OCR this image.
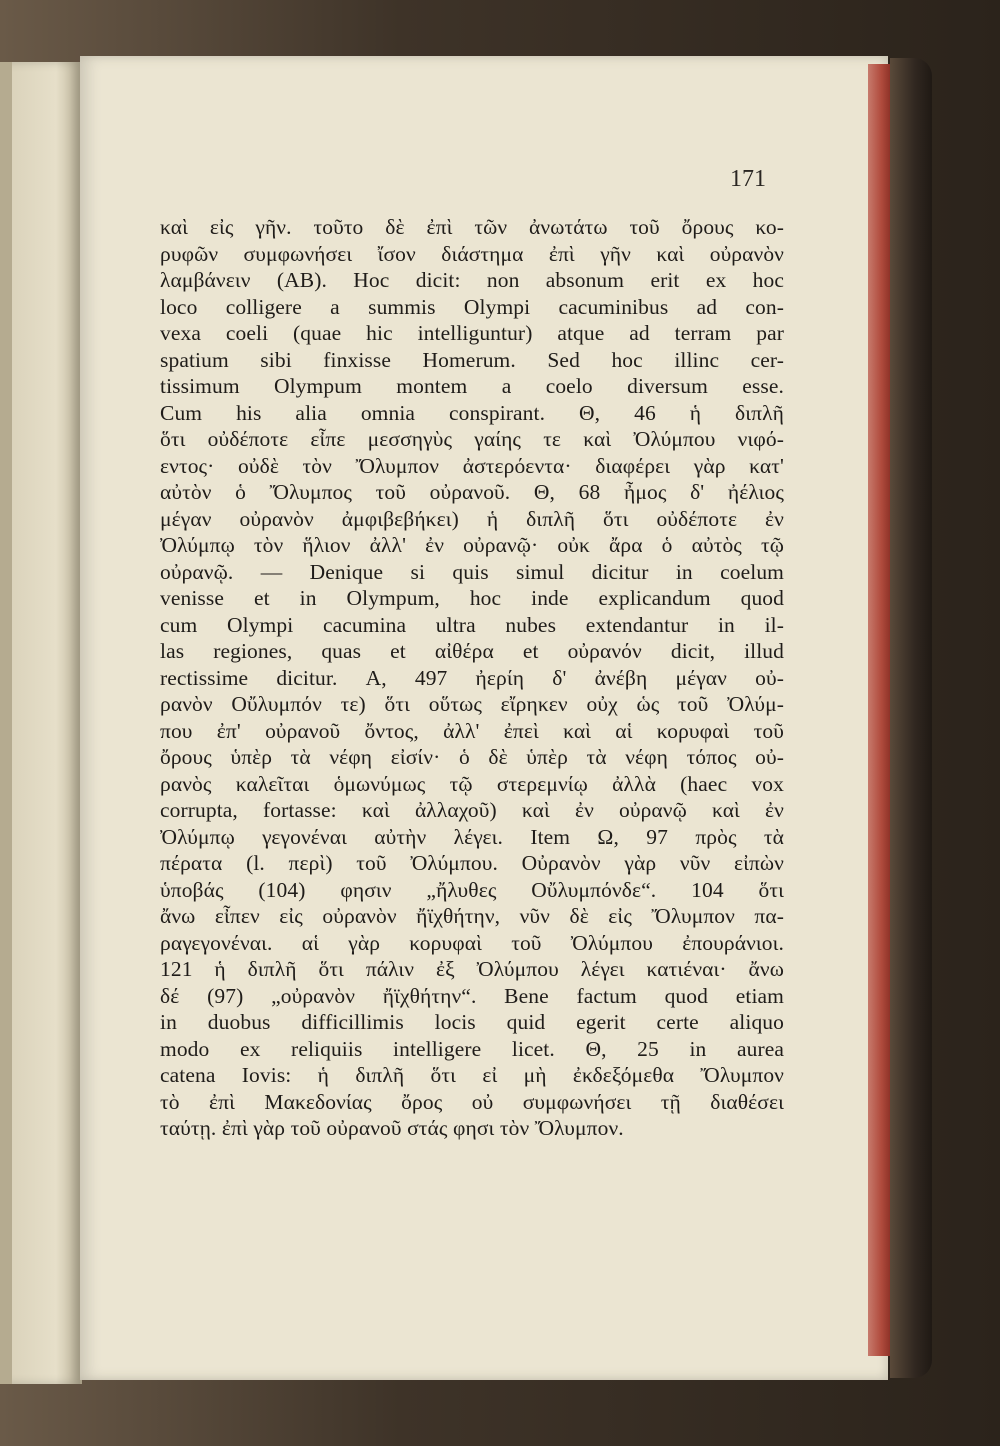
171
καὶ εἰς γῆν. τοῦτο δὲ ἐπὶ τῶν ἀνωτάτω τοῦ ὄρους κο-
ρυφῶν συμφωνήσει ἴσον διάστημα ἐπὶ γῆν καὶ οὐρανὸν
λαμβάνειν (AB). Hoc dicit: non absonum erit ex hoc
loco colligere a summis Olympi cacuminibus ad con-
vexa coeli (quae hic intelliguntur) atque ad terram par
spatium sibi finxisse Homerum. Sed hoc illinc cer-
tissimum Olympum montem a coelo diversum esse.
Cum his alia omnia conspirant. Θ, 46 ἡ διπλῆ
ὅτι οὐδέποτε εἶπε μεσσηγὺς γαίης τε καὶ Ὀλύμπου νιφό-
εντος· οὐδὲ τὸν Ὄλυμπον ἀστερόεντα· διαφέρει γὰρ κατ'
αὐτὸν ὁ Ὄλυμπος τοῦ οὐρανοῦ. Θ, 68 ἦμος δ' ἠέλιος
μέγαν οὐρανὸν ἀμφιβεβήκει) ἡ διπλῆ ὅτι οὐδέποτε ἐν
Ὀλύμπῳ τὸν ἥλιον ἀλλ' ἐν οὐρανῷ· οὐκ ἄρα ὁ αὐτὸς τῷ
οὐρανῷ. — Denique si quis simul dicitur in coelum
venisse et in Olympum, hoc inde explicandum quod
cum Olympi cacumina ultra nubes extendantur in il-
las regiones, quas et αἰθέρα et οὐρανόν dicit, illud
rectissime dicitur. Α, 497 ἠερίη δ' ἀνέβη μέγαν οὐ-
ρανὸν Οὔλυμπόν τε) ὅτι οὕτως εἴρηκεν οὐχ ὡς τοῦ Ὀλύμ-
που ἐπ' οὐρανοῦ ὄντος, ἀλλ' ἐπεὶ καὶ αἱ κορυφαὶ τοῦ
ὄρους ὑπὲρ τὰ νέφη εἰσίν· ὁ δὲ ὑπὲρ τὰ νέφη τόπος οὐ-
ρανὸς καλεῖται ὁμωνύμως τῷ στερεμνίῳ ἀλλὰ (haec vox
corrupta, fortasse: καὶ ἀλλαχοῦ) καὶ ἐν οὐρανῷ καὶ ἐν
Ὀλύμπῳ γεγονέναι αὐτὴν λέγει. Item Ω, 97 πρὸς τὰ
πέρατα (l. περὶ) τοῦ Ὀλύμπου. Οὐρανὸν γὰρ νῦν εἰπὼν
ὑποβάς (104) φησιν „ἤλυθες Οὔλυμπόνδε“. 104 ὅτι
ἄνω εἶπεν εἰς οὐρανὸν ἤϊχθήτην, νῦν δὲ εἰς Ὄλυμπον πα-
ραγεγονέναι. αἱ γὰρ κορυφαὶ τοῦ Ὀλύμπου ἐπουράνιοι.
121 ἡ διπλῆ ὅτι πάλιν ἐξ Ὀλύμπου λέγει κατιέναι· ἄνω
δέ (97) „οὐρανὸν ἤϊχθήτην“. Bene factum quod etiam
in duobus difficillimis locis quid egerit certe aliquo
modo ex reliquiis intelligere licet. Θ, 25 in aurea
catena Iovis: ἡ διπλῆ ὅτι εἰ μὴ ἐκδεξόμεθα Ὄλυμπον
τὸ ἐπὶ Μακεδονίας ὄρος οὐ συμφωνήσει τῇ διαθέσει
ταύτῃ. ἐπὶ γὰρ τοῦ οὐρανοῦ στάς φησι τὸν Ὄλυμπον.
